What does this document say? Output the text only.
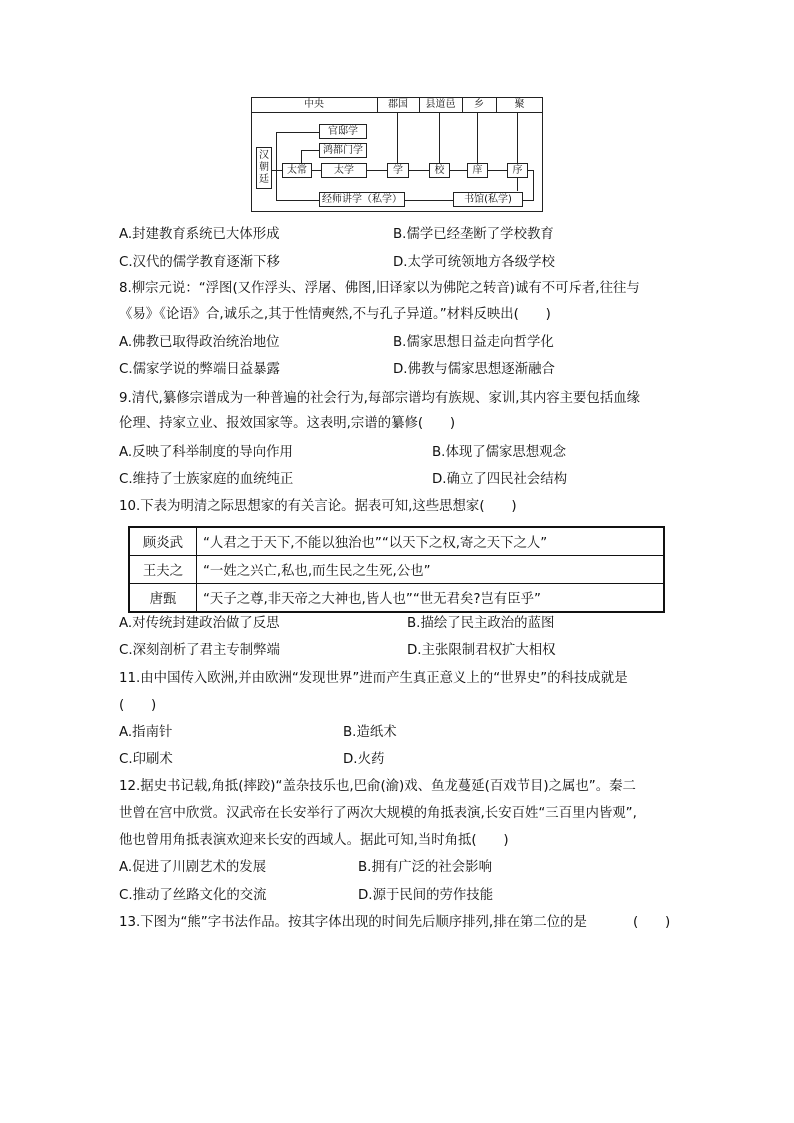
中央	郡国	县道邑	乡	聚
汉朝廷
太常
官邸学
鸿都门学
太学	学	校	庠	序
经师讲学（私学）	书馆(私学)
A.封建教育系统已大体形成	B.儒学已经垄断了学校教育
C.汉代的儒学教育逐渐下移	D.太学可统领地方各级学校
8.柳宗元说：“浮图(又作浮头、浮屠、佛图,旧译家以为佛陀之转音)诚有不可斥者,往往与
《易》《论语》合,诚乐之,其于性情奭然,不与孔子异道。”材料反映出(　　)
A.佛教已取得政治统治地位	B.儒家思想日益走向哲学化
C.儒家学说的弊端日益暴露	D.佛教与儒家思想逐渐融合
9.清代,纂修宗谱成为一种普遍的社会行为,每部宗谱均有族规、家训,其内容主要包括血缘
伦理、持家立业、报效国家等。这表明,宗谱的纂修(　　)
A.反映了科举制度的导向作用	B.体现了儒家思想观念
C.维持了士族家庭的血统纯正	D.确立了四民社会结构
10.下表为明清之际思想家的有关言论。据表可知,这些思想家(　　)
顾炎武	“人君之于天下,不能以独治也”“以天下之权,寄之天下之人”
王夫之	“一姓之兴亡,私也,而生民之生死,公也”
唐甄	“天子之尊,非天帝之大神也,皆人也”“世无君矣?岂有臣乎”
A.对传统封建政治做了反思	B.描绘了民主政治的蓝图
C.深刻剖析了君主专制弊端	D.主张限制君权扩大相权
11.由中国传入欧洲,并由欧洲“发现世界”进而产生真正意义上的“世界史”的科技成就是
(　　)
A.指南针	B.造纸术
C.印刷术	D.火药
12.据史书记载,角抵(摔跤)“盖杂技乐也,巴俞(渝)戏、鱼龙蔓延(百戏节目)之属也”。秦二
世曾在宫中欣赏。汉武帝在长安举行了两次大规模的角抵表演,长安百姓“三百里内皆观”,
他也曾用角抵表演欢迎来长安的西域人。据此可知,当时角抵(　　)
A.促进了川剧艺术的发展	B.拥有广泛的社会影响
C.推动了丝路文化的交流	D.源于民间的劳作技能
13.下图为“熊”字书法作品。按其字体出现的时间先后顺序排列,排在第二位的是	(　　)
